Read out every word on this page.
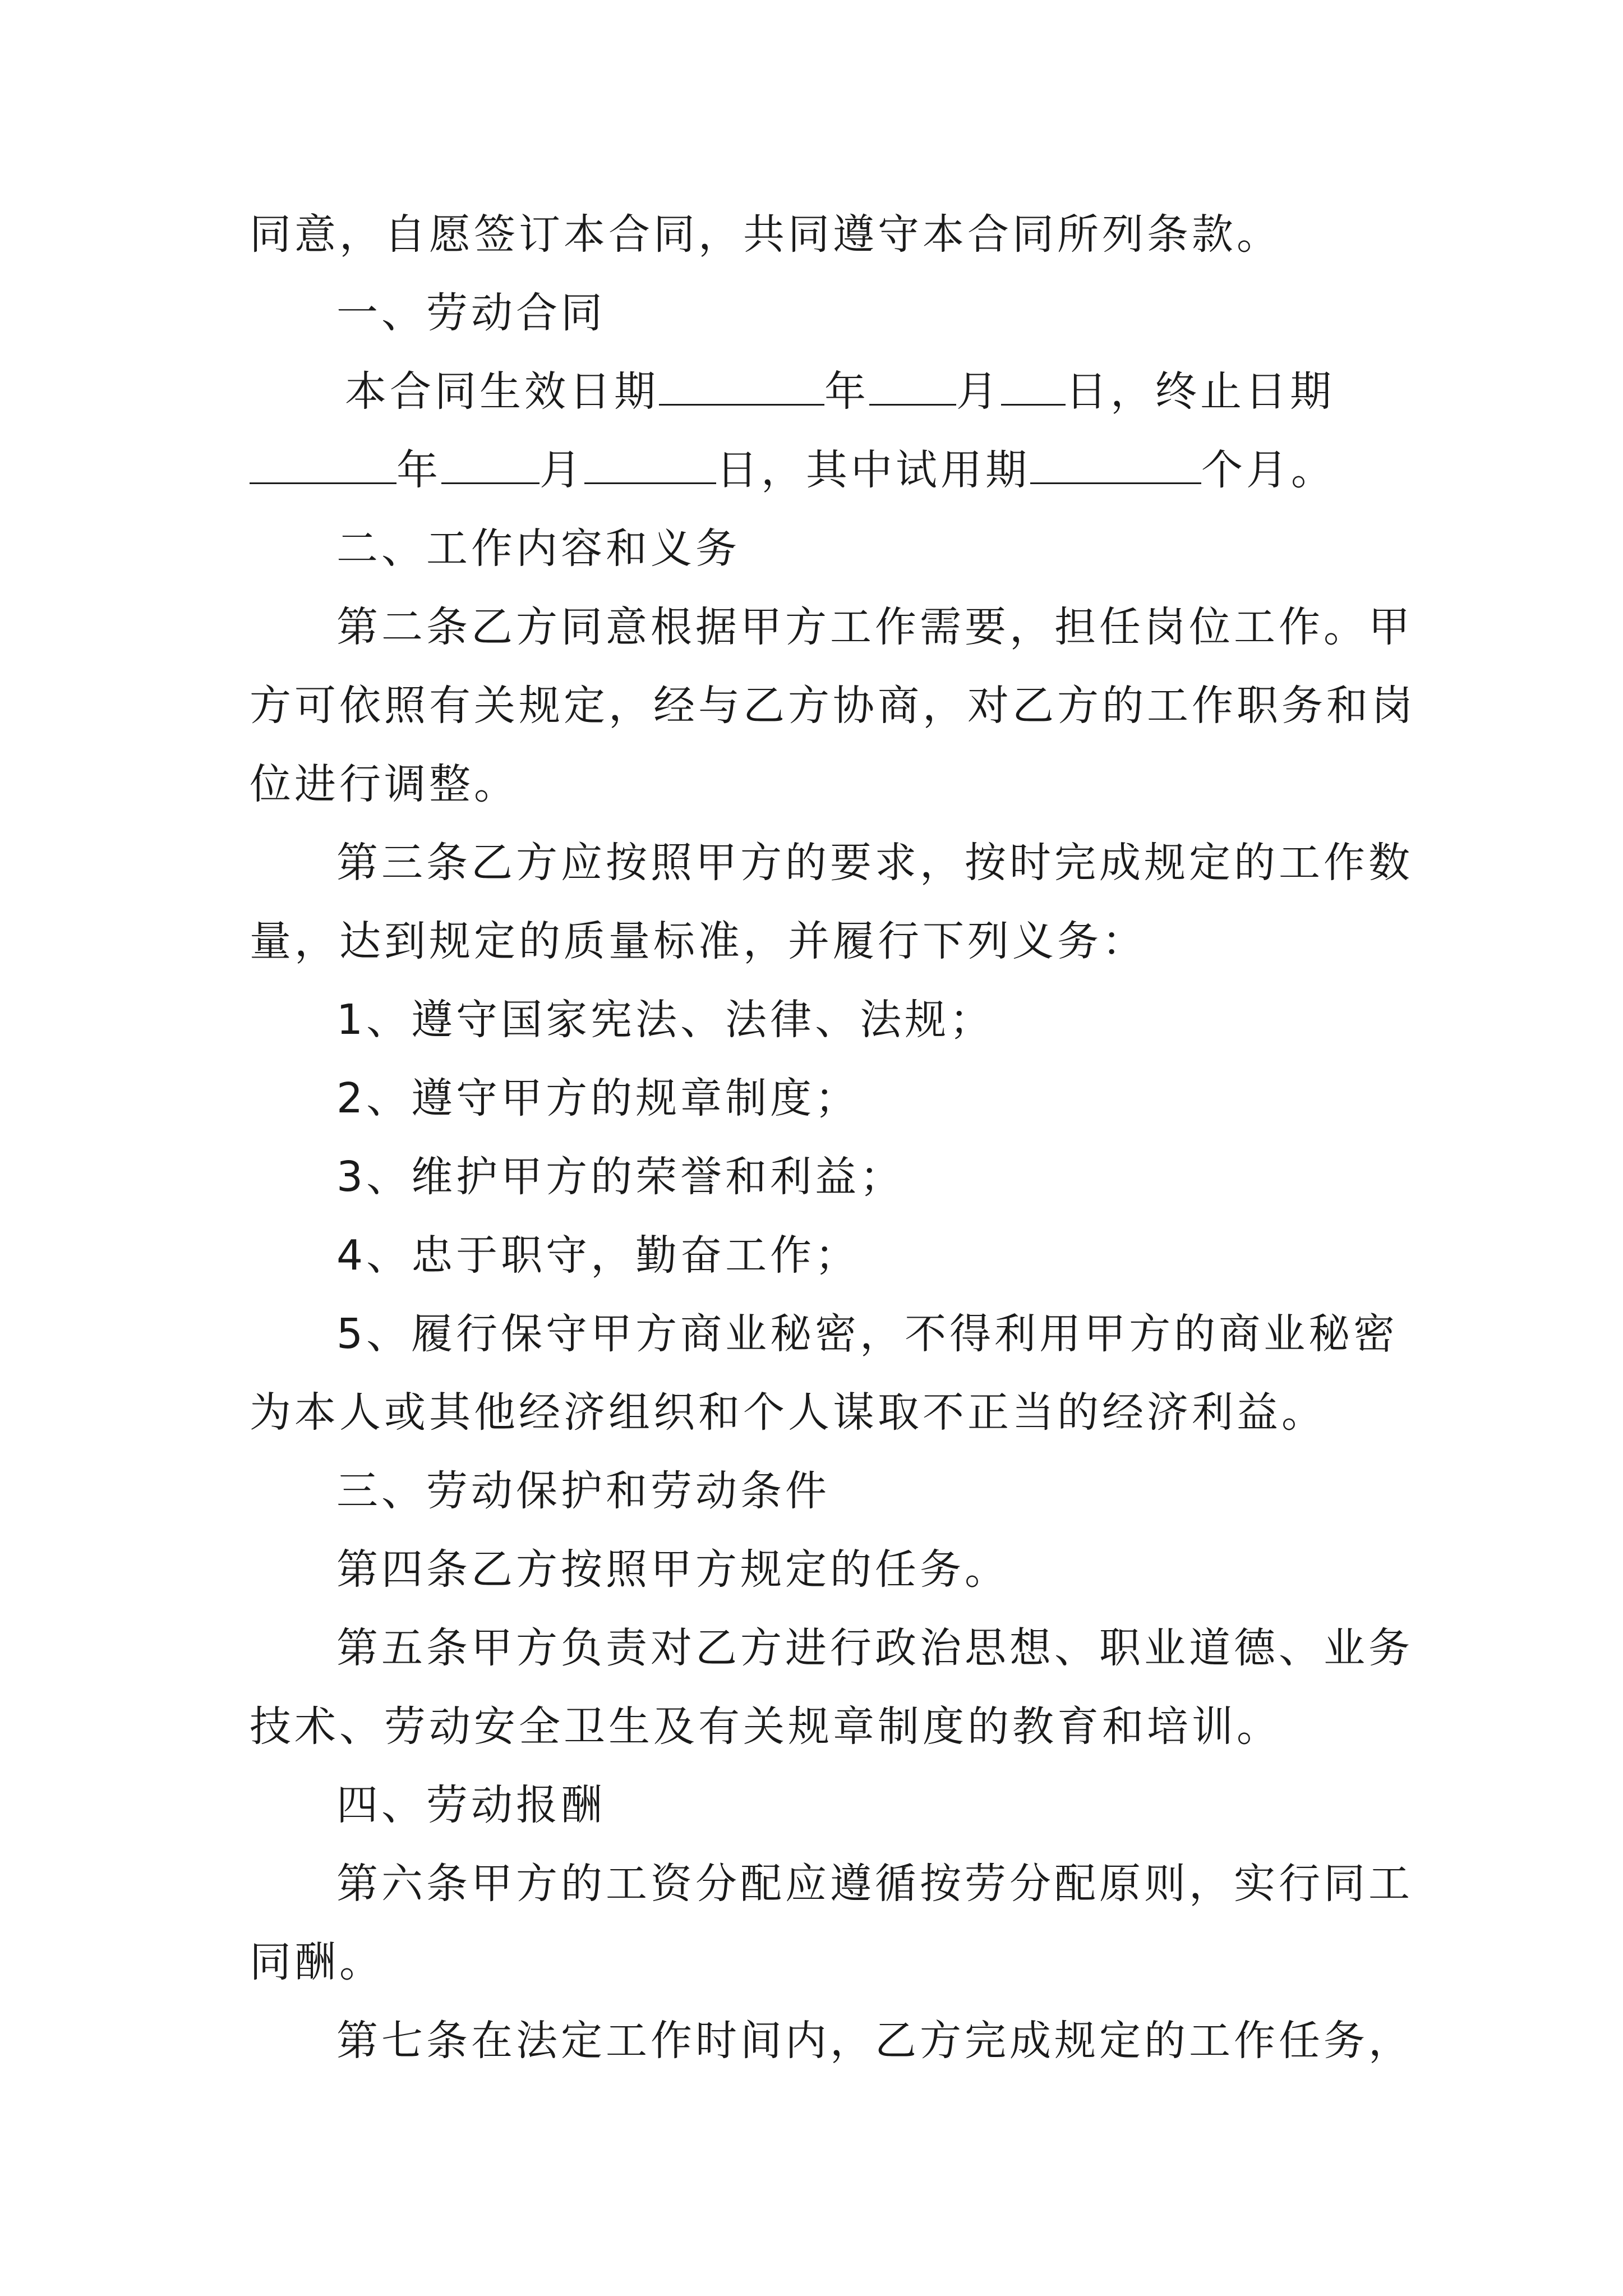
同意，自愿签订本合同，共同遵守本合同所列条款。
一、劳动合同
本合同生效日期	年 月 日，终止日期
年 月	日，其中试用期	个月。
二、工作内容和义务
第二条乙方同意根据甲方工作需要，担任岗位工作。甲
方可依照有关规定，经与乙方协商，对乙方的工作职务和岗
位进行调整。
第三条乙方应按照甲方的要求，按时完成规定的工作数
量，达到规定的质量标准，并履行下列义务：
1、遵守国家宪法、法律、法规；
2、遵守甲方的规章制度；
3、维护甲方的荣誉和利益；
4、忠于职守，勤奋工作；
5、履行保守甲方商业秘密，不得利用甲方的商业秘密
为本人或其他经济组织和个人谋取不正当的经济利益。
三、劳动保护和劳动条件
第四条乙方按照甲方规定的任务。
第五条甲方负责对乙方进行政治思想、职业道德、业务
技术、劳动安全卫生及有关规章制度的教育和培训。
四、劳动报酬
第六条甲方的工资分配应遵循按劳分配原则，实行同工
同酬。
第七条在法定工作时间内，乙方完成规定的工作任务，
